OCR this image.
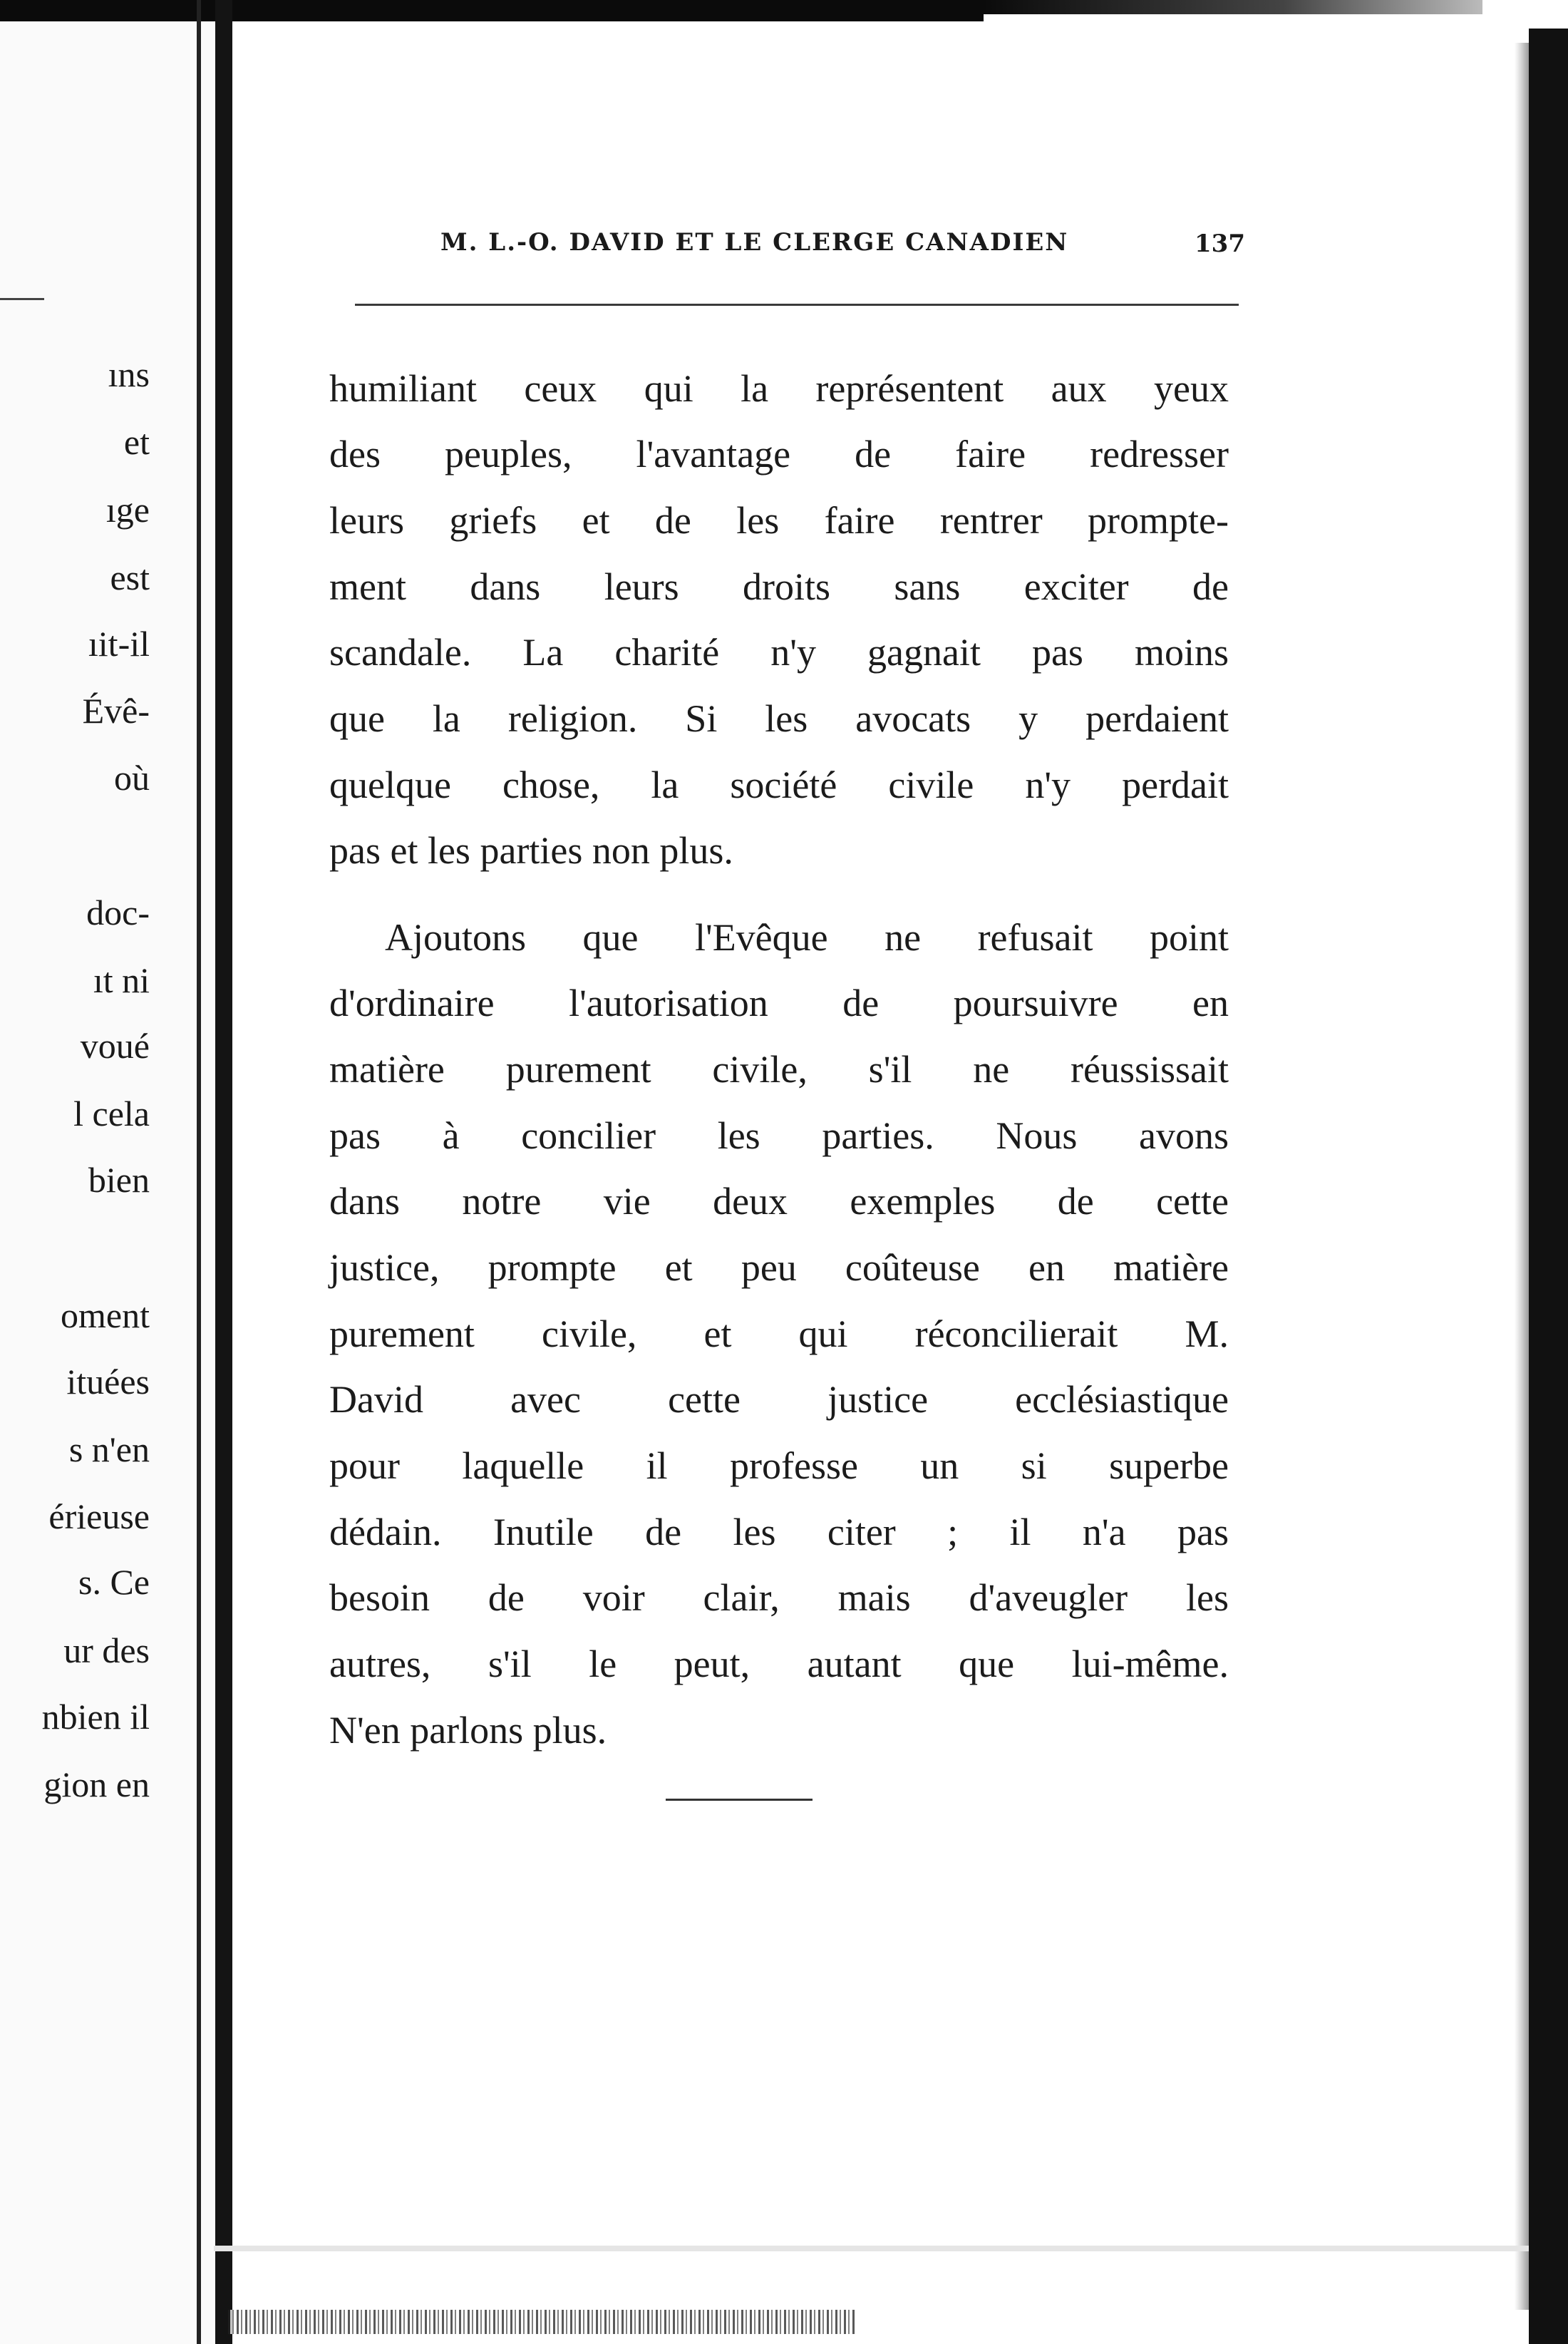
ıns
et
ıge
est
ıit-il
Évê-
où
doc-
ıt ni
voué
l cela
bien
oment
ituées
s n'en
érieuse
s. Ce
ur des
nbien il
gion en
M. L.-O. DAVID ET LE CLERGE CANADIEN	137
humiliant ceux qui la représentent aux yeux
des peuples, l'avantage de faire redresser
leurs griefs et de les faire rentrer prompte-
ment dans leurs droits sans exciter de
scandale. La charité n'y gagnait pas moins
que la religion. Si les avocats y perdaient
quelque chose, la société civile n'y perdait
pas et les parties non plus.
Ajoutons que l'Evêque ne refusait point
d'ordinaire l'autorisation de poursuivre en
matière purement civile, s'il ne réussissait
pas à concilier les parties. Nous avons
dans notre vie deux exemples de cette
justice, prompte et peu coûteuse en matière
purement civile, et qui réconcilierait M.
David avec cette justice ecclésiastique
pour laquelle il professe un si superbe
dédain. Inutile de les citer ; il n'a pas
besoin de voir clair, mais d'aveugler les
autres, s'il le peut, autant que lui-même.
N'en parlons plus.
